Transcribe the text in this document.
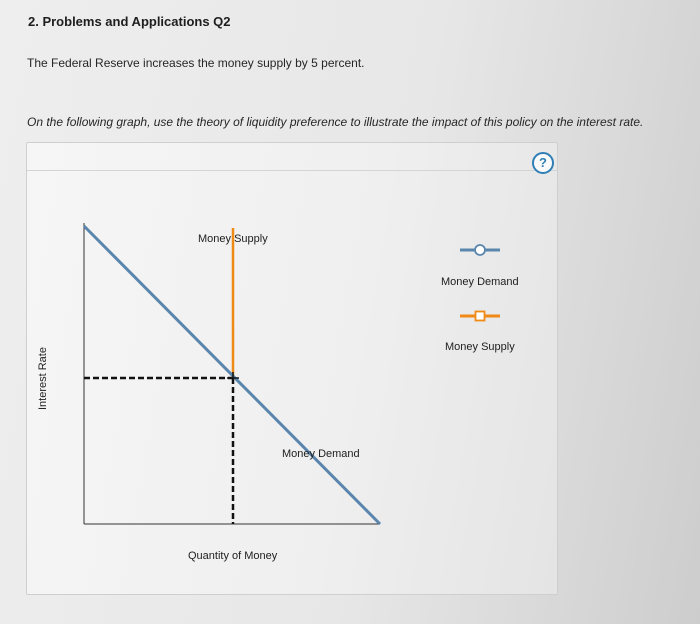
2. Problems and Applications Q2
The Federal Reserve increases the money supply by 5 percent.
On the following graph, use the theory of liquidity preference to illustrate the impact of this policy on the interest rate.
?
Money Supply
Money Demand
Quantity of Money
Interest Rate
Money Demand
Money Supply
